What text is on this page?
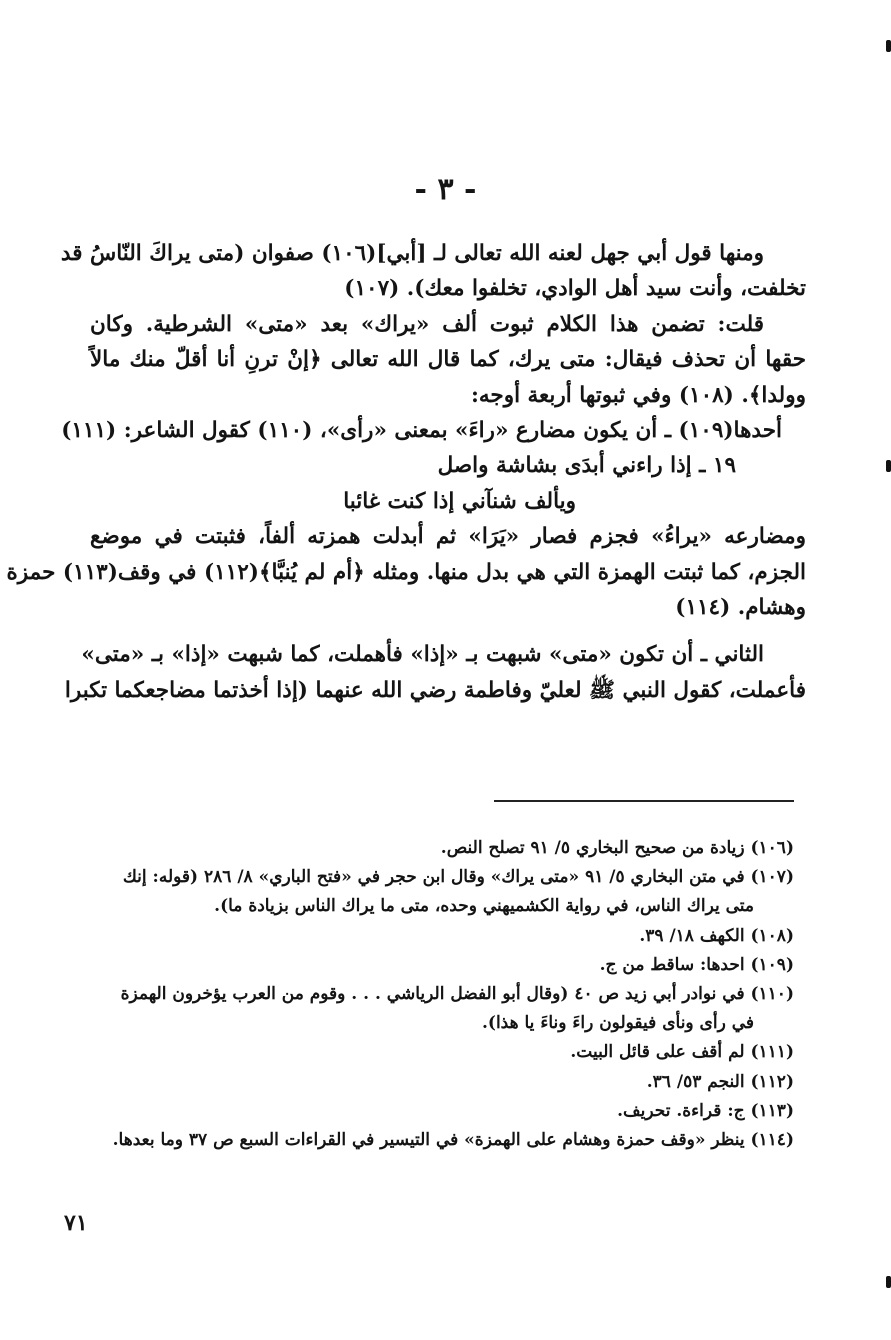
- ٣ -
ومنها قول أبي جهل لعنه الله تعالى لـ [أبي](١٠٦) صفوان (متى يراكَ النّاسُ قد
تخلفت، وأنت سيد أهل الوادي، تخلفوا معك). (١٠٧)
قلت: تضمن هذا الكلام ثبوت ألف «يراك» بعد «متى» الشرطية. وكان
حقها أن تحذف فيقال: متى يرك، كما قال الله تعالى ﴿إنْ ترنِ أنا أقلّ منك مالاً
وولدا﴾. (١٠٨) وفي ثبوتها أربعة أوجه:
أحدها(١٠٩) ـ أن يكون مضارع «راءَ» بمعنى «رأى»، (١١٠) كقول الشاعر: (١١١)
١٩ ـ إذا راءني أبدَى بشاشة واصل
ويألف شنآني إذا كنت غائبا
ومضارعه «يراءُ» فجزم فصار «يَرَا» ثم أبدلت همزته ألفاً، فثبتت في موضع
الجزم، كما ثبتت الهمزة التي هي بدل منها. ومثله ﴿أم لم يُنبَّا﴾(١١٢) في وقف(١١٣) حمزة
وهشام. (١١٤)
الثاني ـ أن تكون «متى» شبهت بـ «إذا» فأهملت، كما شبهت «إذا» بـ «متى»
فأعملت، كقول النبي ﷺ لعليّ وفاطمة رضي الله عنهما (إذا أخذتما مضاجعكما تكبرا
(١٠٦) زيادة من صحيح البخاري ٥/ ٩١ تصلح النص.
(١٠٧) في متن البخاري ٥/ ٩١ «متى يراك» وقال ابن حجر في «فتح الباري» ٨/ ٢٨٦ (قوله: إنك
متى يراك الناس، في رواية الكشميهني وحده، متى ما يراك الناس بزيادة ما).
(١٠٨) الكهف ١٨/ ٣٩.
(١٠٩) احدها: ساقط من ج.
(١١٠) في نوادر أبي زيد ص ٤٠ (وقال أبو الفضل الرياشي . . . وقوم من العرب يؤخرون الهمزة
في رأى ونأى فيقولون راءَ وناءَ يا هذا).
(١١١) لم أقف على قائل البيت.
(١١٢) النجم ٥٣/ ٣٦.
(١١٣) ج: قراءة. تحريف.
(١١٤) ينظر «وقف حمزة وهشام على الهمزة» في التيسير في القراءات السبع ص ٣٧ وما بعدها.
٧١
